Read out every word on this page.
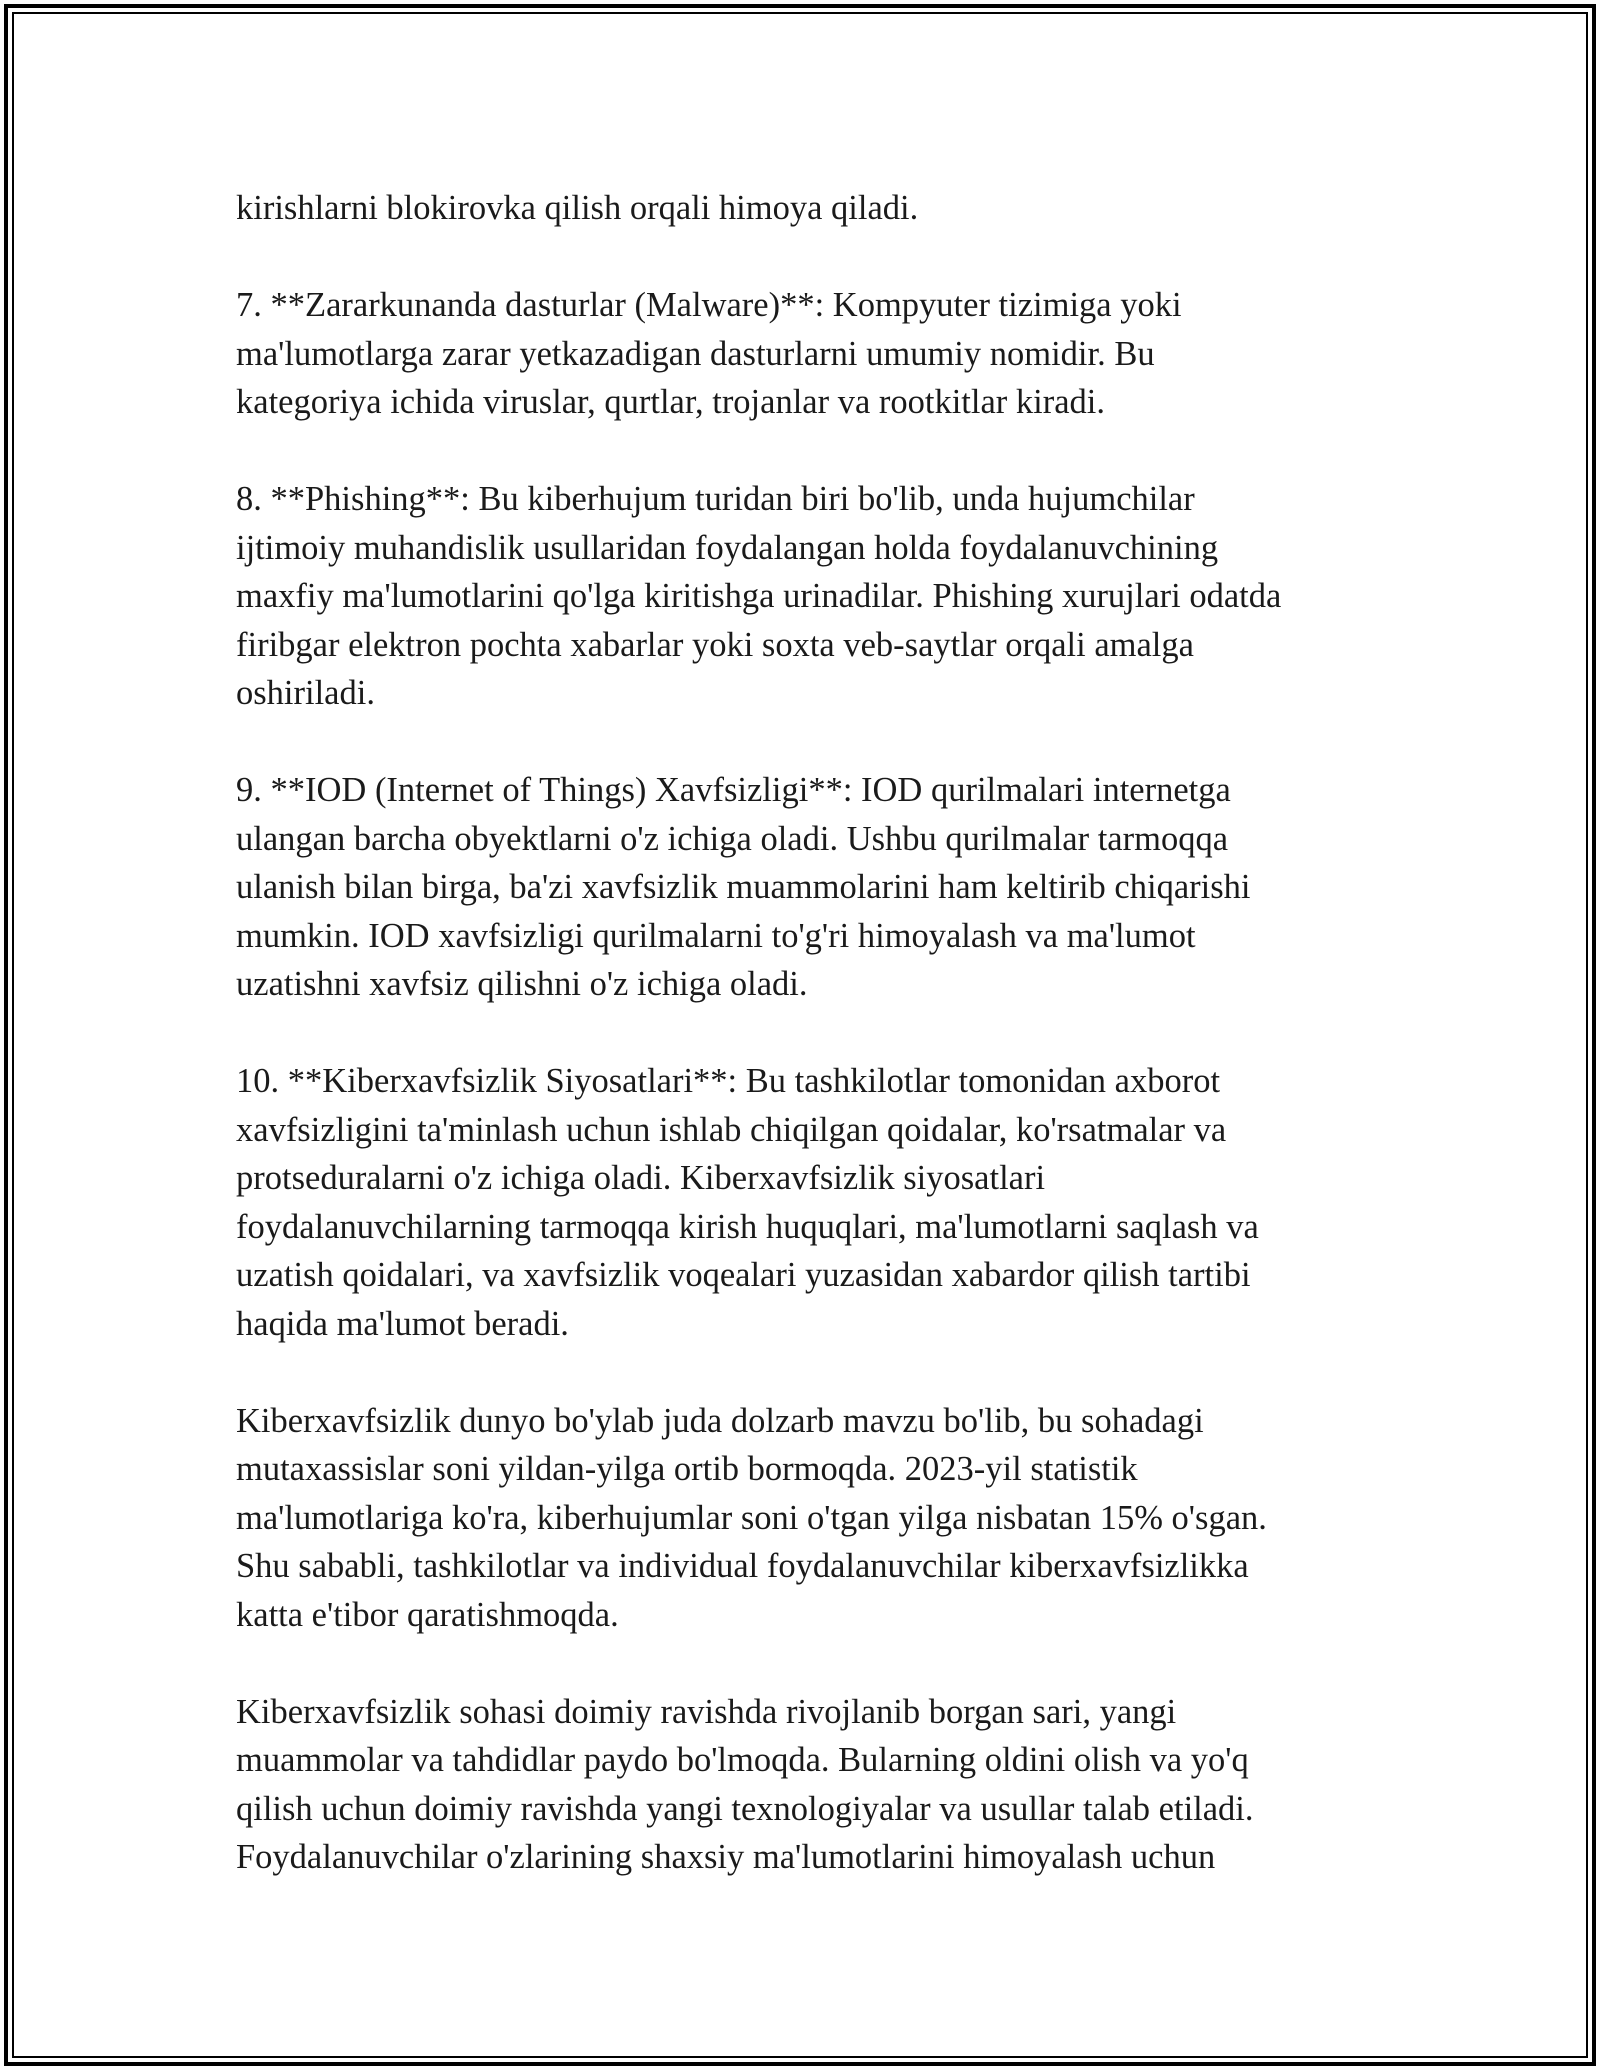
kirishlarni blokirovka qilish orqali himoya qiladi.

7. **Zararkunanda dasturlar (Malware)**: Kompyuter tizimiga yoki
ma'lumotlarga zarar yetkazadigan dasturlarni umumiy nomidir. Bu
kategoriya ichida viruslar, qurtlar, trojanlar va rootkitlar kiradi.

8. **Phishing**: Bu kiberhujum turidan biri bo'lib, unda hujumchilar
ijtimoiy muhandislik usullaridan foydalangan holda foydalanuvchining
maxfiy ma'lumotlarini qo'lga kiritishga urinadilar. Phishing xurujlari odatda
firibgar elektron pochta xabarlar yoki soxta veb-saytlar orqali amalga
oshiriladi.

9. **IOD (Internet of Things) Xavfsizligi**: IOD qurilmalari internetga
ulangan barcha obyektlarni o'z ichiga oladi. Ushbu qurilmalar tarmoqqa
ulanish bilan birga, ba'zi xavfsizlik muammolarini ham keltirib chiqarishi
mumkin. IOD xavfsizligi qurilmalarni to'g'ri himoyalash va ma'lumot
uzatishni xavfsiz qilishni o'z ichiga oladi.

10. **Kiberxavfsizlik Siyosatlari**: Bu tashkilotlar tomonidan axborot
xavfsizligini ta'minlash uchun ishlab chiqilgan qoidalar, ko'rsatmalar va
protseduralarni o'z ichiga oladi. Kiberxavfsizlik siyosatlari
foydalanuvchilarning tarmoqqa kirish huquqlari, ma'lumotlarni saqlash va
uzatish qoidalari, va xavfsizlik voqealari yuzasidan xabardor qilish tartibi
haqida ma'lumot beradi.

Kiberxavfsizlik dunyo bo'ylab juda dolzarb mavzu bo'lib, bu sohadagi
mutaxassislar soni yildan-yilga ortib bormoqda. 2023-yil statistik
ma'lumotlariga ko'ra, kiberhujumlar soni o'tgan yilga nisbatan 15% o'sgan.
Shu sababli, tashkilotlar va individual foydalanuvchilar kiberxavfsizlikka
katta e'tibor qaratishmoqda.

Kiberxavfsizlik sohasi doimiy ravishda rivojlanib borgan sari, yangi
muammolar va tahdidlar paydo bo'lmoqda. Bularning oldini olish va yo'q
qilish uchun doimiy ravishda yangi texnologiyalar va usullar talab etiladi.
Foydalanuvchilar o'zlarining shaxsiy ma'lumotlarini himoyalash uchun
